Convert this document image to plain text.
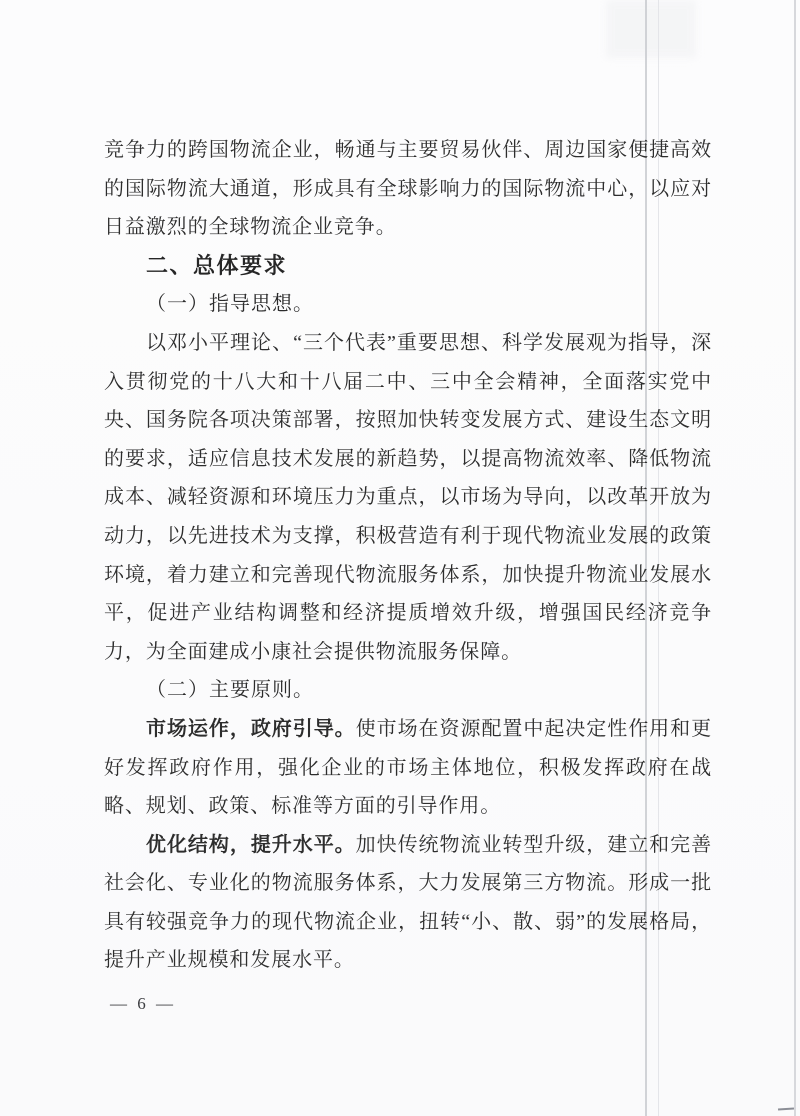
竞争力的跨国物流企业，畅通与主要贸易伙伴、周边国家便捷高效的国际物流大通道，形成具有全球影响力的国际物流中心，以应对日益激烈的全球物流企业竞争。

二、总体要求

（一）指导思想。

以邓小平理论、“三个代表”重要思想、科学发展观为指导，深入贯彻党的十八大和十八届二中、三中全会精神，全面落实党中央、国务院各项决策部署，按照加快转变发展方式、建设生态文明的要求，适应信息技术发展的新趋势，以提高物流效率、降低物流成本、减轻资源和环境压力为重点，以市场为导向，以改革开放为动力，以先进技术为支撑，积极营造有利于现代物流业发展的政策环境，着力建立和完善现代物流服务体系，加快提升物流业发展水平，促进产业结构调整和经济提质增效升级，增强国民经济竞争力，为全面建成小康社会提供物流服务保障。

（二）主要原则。

市场运作，政府引导。使市场在资源配置中起决定性作用和更好发挥政府作用，强化企业的市场主体地位，积极发挥政府在战略、规划、政策、标准等方面的引导作用。

优化结构，提升水平。加快传统物流业转型升级，建立和完善社会化、专业化的物流服务体系，大力发展第三方物流。形成一批具有较强竞争力的现代物流企业，扭转“小、散、弱”的发展格局，提升产业规模和发展水平。

— 6 —
